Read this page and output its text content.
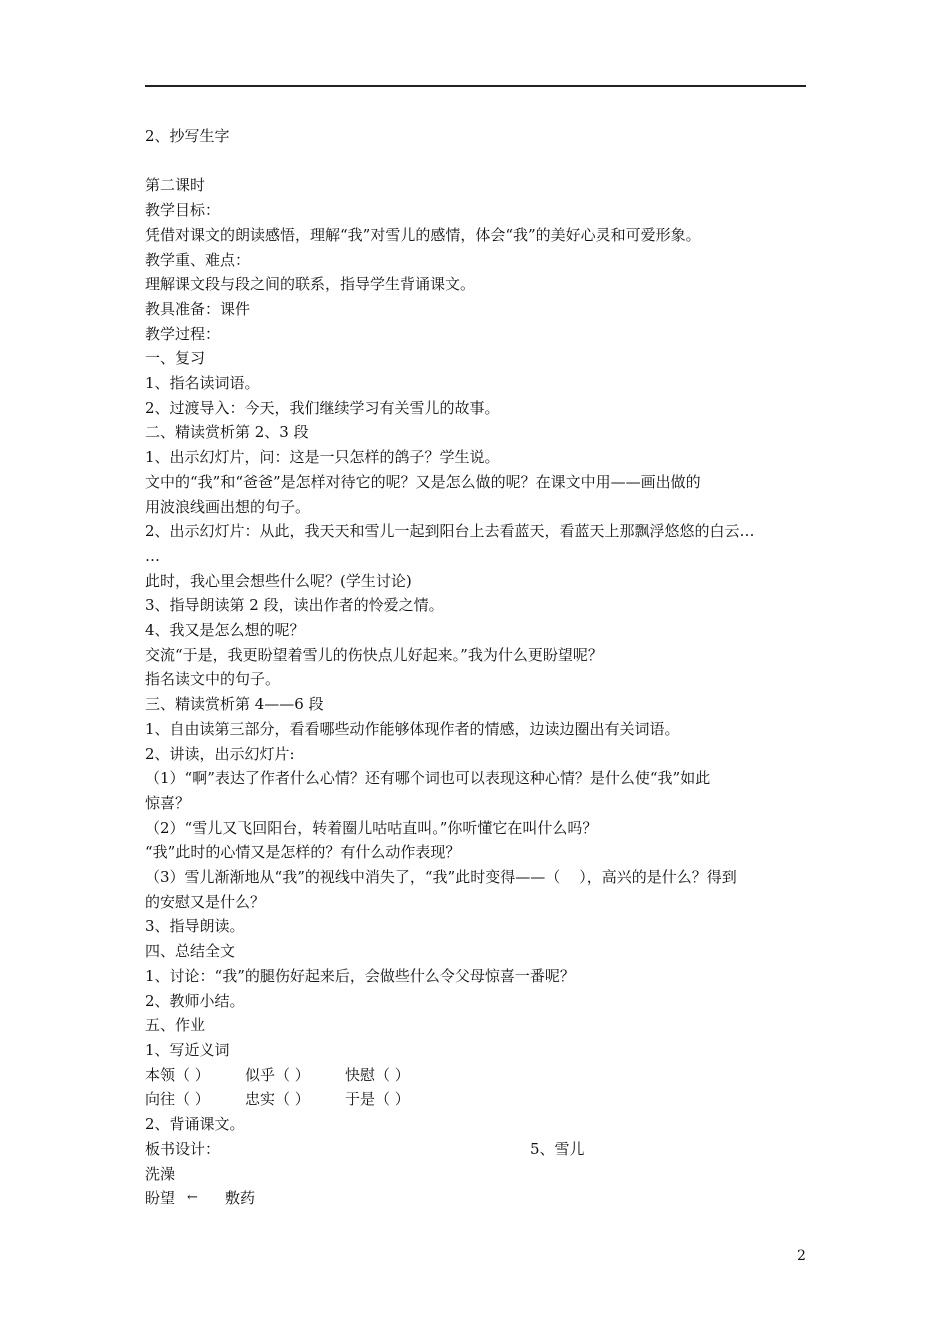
2、抄写生字
第二课时
教学目标：
凭借对课文的朗读感悟，理解“我”对雪儿的感情，体会“我”的美好心灵和可爱形象。
教学重、难点：
理解课文段与段之间的联系，指导学生背诵课文。
教具准备：课件
教学过程：
一、复习
1、指名读词语。
2、过渡导入：今天，我们继续学习有关雪儿的故事。
二、精读赏析第 2、3 段
1、出示幻灯片，问：这是一只怎样的鸽子？学生说。
文中的“我”和“爸爸”是怎样对待它的呢？又是怎么做的呢？在课文中用——画出做的
用波浪线画出想的句子。
2、出示幻灯片：从此，我天天和雪儿一起到阳台上去看蓝天，看蓝天上那飘浮悠悠的白云…
…
此时，我心里会想些什么呢？(学生讨论)
3、指导朗读第 2 段，读出作者的怜爱之情。
4、我又是怎么想的呢？
交流“于是，我更盼望着雪儿的伤快点儿好起来。”我为什么更盼望呢？
指名读文中的句子。
三、精读赏析第 4——6 段
1、自由读第三部分，看看哪些动作能够体现作者的情感，边读边圈出有关词语。
2、讲读，出示幻灯片:
（1）“啊”表达了作者什么心情？还有哪个词也可以表现这种心情？是什么使“我”如此
惊喜？
（2）“雪儿又飞回阳台，转着圈儿咕咕直叫。”你听懂它在叫什么吗？
“我”此时的心情又是怎样的？有什么动作表现？
（3）雪儿渐渐地从“我”的视线中消失了，“我”此时变得——（    ），高兴的是什么？得到
的安慰又是什么？
3、指导朗读。
四、总结全文
1、讨论：“我”的腿伤好起来后，会做些什么令父母惊喜一番呢？
2、教师小结。
五、作业
1、写近义词
本领（ ）	似乎（ ）	快慰（ ）
向往（ ）	忠实（ ）	于是（ ）
2、背诵课文。
板书设计：	5、雪儿
洗澡
盼望 ←	敷药
2
